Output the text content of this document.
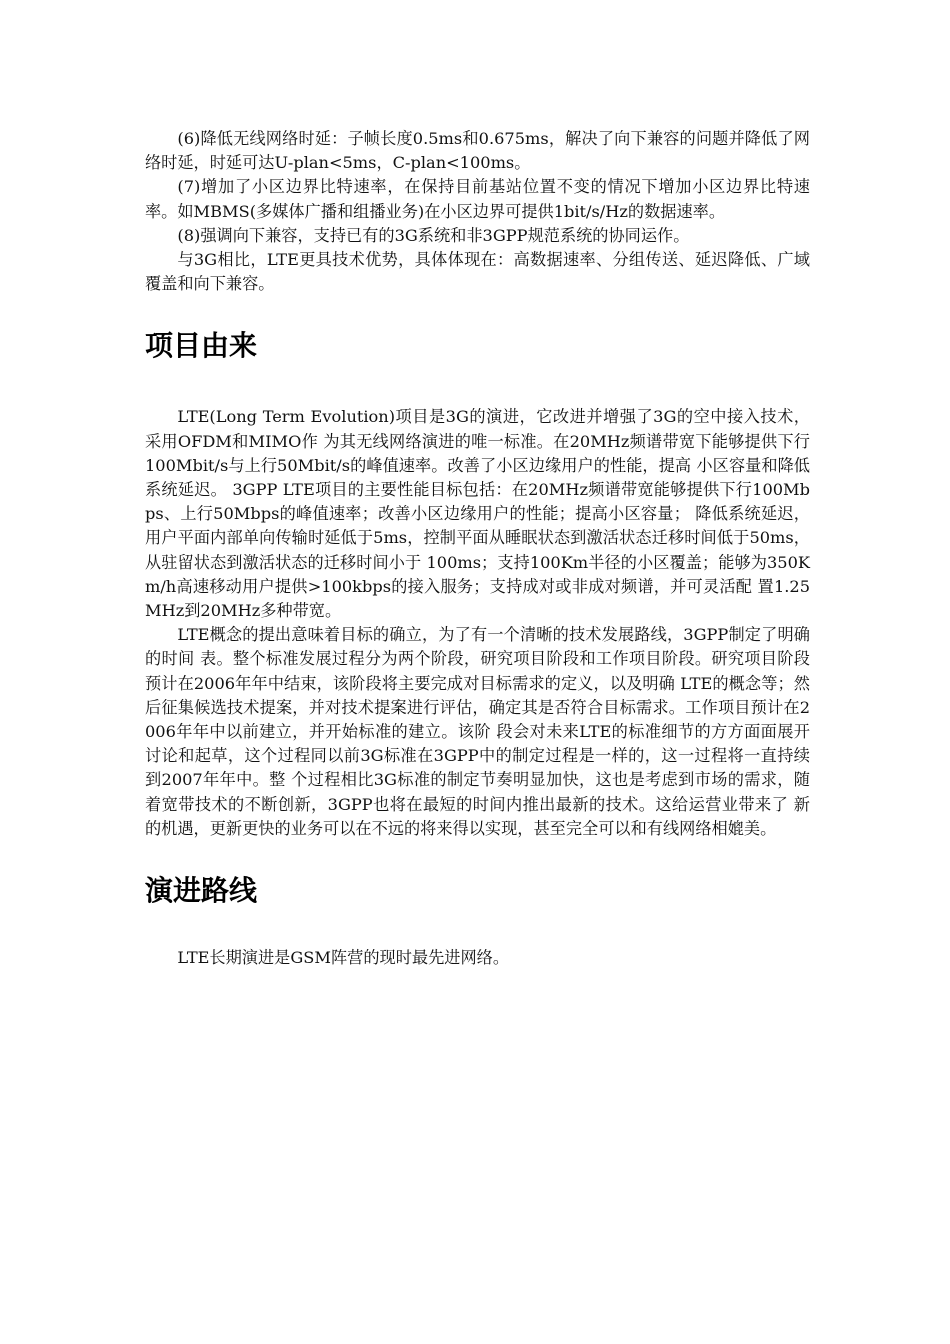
(6)降低无线网络时延：子帧长度0.5ms和0.675ms，解决了向下兼容的问题并降低了网络时延，时延可达U-plan<5ms，C-plan<100ms。

(7)增加了小区边界比特速率，在保持目前基站位置不变的情况下增加小区边界比特速率。如MBMS(多媒体广播和组播业务)在小区边界可提供1bit/s/Hz的数据速率。

(8)强调向下兼容，支持已有的3G系统和非3GPP规范系统的协同运作。

与3G相比，LTE更具技术优势，具体体现在：高数据速率、分组传送、延迟降低、广域覆盖和向下兼容。

项目由来

LTE(Long Term Evolution)项目是3G的演进，它改进并增强了3G的空中接入技术，采用OFDM和MIMO作 为其无线网络演进的唯一标准。在20MHz频谱带宽下能够提供下行100Mbit/s与上行50Mbit/s的峰值速率。改善了小区边缘用户的性能，提高 小区容量和降低系统延迟。 3GPP LTE项目的主要性能目标包括：在20MHz频谱带宽能够提供下行100Mbps、上行50Mbps的峰值速率；改善小区边缘用户的性能；提高小区容量； 降低系统延迟，用户平面内部单向传输时延低于5ms，控制平面从睡眠状态到激活状态迁移时间低于50ms，从驻留状态到激活状态的迁移时间小于 100ms；支持100Km半径的小区覆盖；能够为350Km/h高速移动用户提供>100kbps的接入服务；支持成对或非成对频谱，并可灵活配 置1.25 MHz到20MHz多种带宽。

LTE概念的提出意味着目标的确立，为了有一个清晰的技术发展路线，3GPP制定了明确的时间 表。整个标准发展过程分为两个阶段，研究项目阶段和工作项目阶段。研究项目阶段预计在2006年年中结束，该阶段将主要完成对目标需求的定义，以及明确 LTE的概念等；然后征集候选技术提案，并对技术提案进行评估，确定其是否符合目标需求。工作项目预计在2006年年中以前建立，并开始标准的建立。该阶 段会对未来LTE的标准细节的方方面面展开讨论和起草，这个过程同以前3G标准在3GPP中的制定过程是一样的，这一过程将一直持续到2007年年中。整 个过程相比3G标准的制定节奏明显加快，这也是考虑到市场的需求，随着宽带技术的不断创新，3GPP也将在最短的时间内推出最新的技术。这给运营业带来了 新的机遇，更新更快的业务可以在不远的将来得以实现，甚至完全可以和有线网络相媲美。

演进路线

LTE长期演进是GSM阵营的现时最先进网络。
